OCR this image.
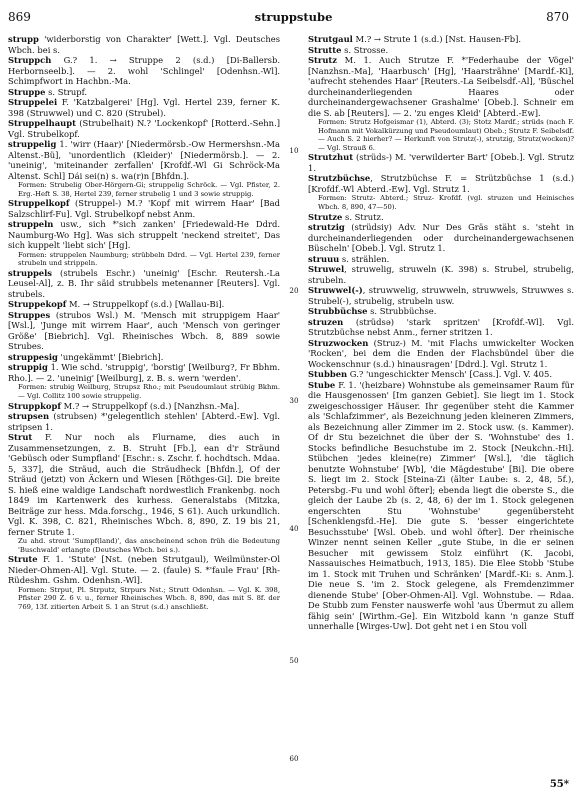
869	struppstube	870

strupp 'widerborstig von Charakter' [Wett.]. Vgl. Deutsches Wbch. bei s.

Struppch G.? 1. → Struppe 2 (s.d.) [Di-Ballersb. Herbornseelb.]. — 2. wohl 'Schlingel' [Odenhsn.-Wl]. Schimpfwort in Hachbn.-Ma.

Struppe s. Strupf.

Struppelei F. 'Katzbalgerei' [Hg]. Vgl. Hertel 239, ferner K. 398 (Struwwel) und C. 820 (Strubel).

Struppelhaupt (Strubelhait) N.? 'Lockenkopf' [Rotterd.-Sehn.] Vgl. Strubelkopf.

struppelig 1. 'wirr (Haar)' [Niedermörsb.-Ow Hermershsn.-Ma Altenst.-Bü], 'unordentlich (Kleider)' [Niedermörsb.]. — 2. 'uneinig', 'miteinander zerfallen' [Krofdf.-Wl Gi Schröck-Ma Altenst. Schl] Dái sei(n) s. wa(r)n [Bhfdn.].

Formen: Strubelig Ober-Hörgern-Gi; struppelig Schröck. — Vgl. Pfister, 2. Erg.-Heft S. 38, Hertel 239, ferner strubelig 1 und 3 sowie struppig.

Struppelkopf (Struppel-) M.? 'Kopf mit wirrem Haar' [Bad Salzschlirf-Fu]. Vgl. Strubelkopf nebst Anm.

struppeln usw., sich *'sich zanken' [Friedewald-He Ddrd. Naumburg-Wo Hg]. Was sich struppelt 'neckend streitet', Das sich kuppelt 'liebt sich' [Hg].

Formen: struppelen Naumburg; strübbeln Ddrd. — Vgl. Hertel 239, ferner strubeln und strippeln.

struppels (strubels Eschr.) 'uneinig' [Eschr. Reutersh.-La Leusel-Al], z. B. Ihr säid strubbels metenanner [Reuters]. Vgl. strubels.

Struppekopf M. → Struppelkopf (s.d.) [Wallau-Bi].

Struppes (strubos Wsl.) M. 'Mensch mit struppigem Haar' [Wsl.], 'Junge mit wirrem Haar', auch 'Mensch von geringer Größe' [Biebrich]. Vgl. Rheinisches Wbch. 8, 889 sowie Strubes.

struppesig 'ungekämmt' [Biebrich].

struppig 1. Wie schd. 'struppig', 'borstig' [Weilburg?, Fr Bbhm. Rho.]. — 2. 'uneinig' [Weilburg], z. B. s. wern 'werden'.

Formen: strubig Weilburg, Strupsz Rho.; mit Pseudoumlaut strübig Bkhm. — Vgl. Collitz 100 sowie struppelig.

Struppkopf M.? → Struppelkopf (s.d.) [Nanzhsn.-Ma].

strupsen (strubsen) *'gelegentlich stehlen' [Abterd.-Ew]. Vgl. stripsen 1.

Strut F. Nur noch als Flurname, dies auch in Zusammensetzungen, z. B. Struht [Fb.], ean d'r Sträund 'Gebüsch oder Sumpfland' [Eschr.: s. Zschr. f. hochdtsch. Mdaa. 5, 337], die Sträud, auch die Sträudheck [Bhfdn.], Of der Sträud (jetzt) von Äckern und Wiesen [Röthges-Gi]. Die breite S. hieß eine waldige Landschaft nordwestlich Frankenbg. noch 1849 im Kartenwerk des kurhess. Generalstabs (Mitzka, Beiträge zur hess. Mda.forschg., 1946, S 61). Auch urkundlich. Vgl. K. 398, C. 821, Rheinisches Wbch. 8, 890, Z. 19 bis 21, ferner Strute 1.

Zu ahd. strout 'Sumpf(land)', das anscheinend schon früh die Bedeutung 'Buschwald' erlangte (Deutsches Wbch. bei s.).

Strute F. 1. 'Stute' [Nst. (neben Strutgaul), Weilmünster-Ol Nieder-Ohmen-Al]. Vgl. Stute. — 2. (faule) S. *'faule Frau' [Rh-Rüdeshm. Gshm. Odenhsn.-Wl].

Formen: Strput, Pl. Strputz, Strpurs Nst.; Strutt Odenhsn. — Vgl. K. 398, Pfister 290 Z. 6 v. u., ferner Rheinisches Wbch. 8, 890, das mit S. 8f. der 769, 13f. zitierten Arbeit S. 1 an Strut (s.d.) anschließt.

10
20
30
40
50
60

Strutgaul M.? → Strute 1 (s.d.) [Nst. Hausen-Fb].

Strutte s. Strosse.

Strutz M. 1. Auch Strutze F. *'Federhaube der Vögel' [Nanzhsn.-Ma], 'Haarbusch' [Hg], 'Haarsträhne' [Mardf.-Ki], 'aufrecht stehendes Haar' [Reuters.-La Seibelsdf.-Al], 'Büschel durcheinanderliegenden Haares oder durcheinandergewachsener Grashalme' [Obeb.]. Schneir em die S. ab [Reuters]. — 2. 'zu enges Kleid' [Abterd.-Ew].

Formen: Strutz Hofgeismar (1), Abterd. (3); Stotz Mardf.; strüds (nach F. Hofmann mit Vokalkürzung und Pseudoumlaut) Obeb.; Strutz F. Seibelsdf. — Auch S. 2 hierher? — Herkunft von Strutz(-), strutzig, Strutz(wocken)? — Vgl. Strauß 6.

Strutzhut (strüds-) M. 'verwilderter Bart' [Obeb.]. Vgl. Strutz 1.

Strutzbüchse, Strutzbüchse F. = Strützbüchse 1 (s.d.) [Krofdf.-Wl Abterd.-Ew]. Vgl. Strutz 1.

Formen: Strutz- Abterd.; Struz- Krofdf. (vgl. struzen und Heinisches Wbch. 8, 890, 47—50).

Strutze s. Strutz.

strutzig (strüdsiy) Adv. Nur Des Gräs stäht s. 'steht in durcheinanderliegenden oder durcheinandergewachsenen Büscheln' [Obeb.]. Vgl. Strutz 1.

struuu s. strählen.

Struwel, struwelig, struweln (K. 398) s. Strubel, strubelig, strubeln.

Struwwel(-), struwwelig, struwweln, struwwels, Struwwes s. Strubel(-), strubelig, strubeln usw.

Strubbüchse s. Strubbüchse.

struzen (strüdsə) 'stark spritzen' [Krofdf.-Wl]. Vgl. Strutzbüchse nebst Anm., ferner stritzen 1.

Struzwocken (Struz-) M. 'mit Flachs umwickelter Wocken 'Rocken', bei dem die Enden der Flachsbündel über die Wockenschnur (s.d.) hinausragen' [Ddrd.]. Vgl. Strutz 1.

Stubben G.? 'ungeschickter Mensch' [Cass.]. Vgl. V. 405.

Stube F. 1. '(heizbare) Wohnstube als gemeinsamer Raum für die Hausgenossen' [Im ganzen Gebiet]. Sie liegt im 1. Stock zweigeschossiger Häuser. Ihr gegenüber steht die Kammer als 'Schlafzimmer', als Bezeichnung jeden kleineren Zimmers, als Bezeichnung aller Zimmer im 2. Stock usw. (s. Kammer). Of dr Stu bezeichnet die über der S. 'Wohnstube' des 1. Stocks befindliche Besuchstube im 2. Stock [Neukchn.-Hi]. Stübchen 'jedes kleine(re) Zimmer' [Wsl.], 'die täglich benutzte Wohnstube' [Wb], 'die Mägdestube' [Bi]. Die obere S. liegt im 2. Stock [Steina-Zi (älter Laube: s. 2, 48, 5f.), Petersbg.-Fu und wohl öfter]; ebenda liegt die oberste S., die gleich der Laube 2b (s. 2, 48, 6) der im 1. Stock gelegenen engerschten Stu 'Wohnstube' gegenübersteht [Schenklengsfd.-He]. Die gute S. 'besser eingerichtete Besuchsstube' [Wsl. Obeb. und wohl öfter]. Der rheinische Winzer nennt seinen Keller „gute Stube, in die er seinen Besucher mit gewissem Stolz einführt (K. Jacobi, Nassauisches Heimatbuch, 1913, 185). Die Elee Stobb 'Stube im 1. Stock mit Truhen und Schränken' [Mardf.-Ki: s. Anm.]. Die neue S. 'im 2. Stock gelegene, als Fremdenzimmer dienende Stube' [Ober-Ohmen-Al]. Vgl. Wohnstube. — Rdaa. De Stubb zum Fenster nauswerfe wohl 'aus Übermut zu allem fähig sein' [Wirthm.-Ge]. Ein Witzbold kann 'n ganze Stuff unnerhalle [Wirges-Uw]. Dot geht net i en Stou voll

55*
